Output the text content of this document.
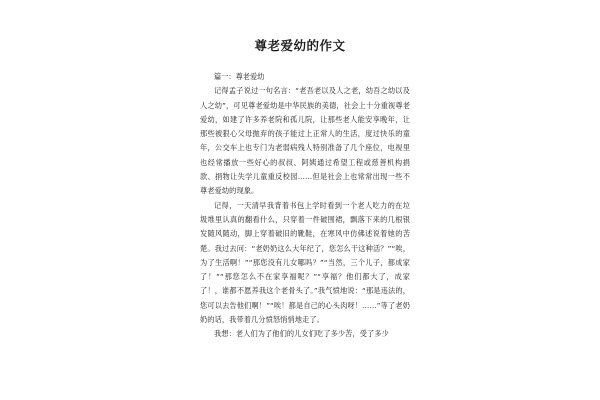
尊老爱幼的作文

篇一：尊老爱幼

记得孟子说过一句名言：“老吾老以及人之老，幼吾之幼以及人之幼”，可见尊老爱幼是中华民族的美德，社会上十分重视尊老爱幼，如建了许多养老院和孤儿院，让那些老人能安享晚年，让那些被狠心父母抛弃的孩子能过上正常人的生活，度过快乐的童年，公交车上也专门为老弱病残人特别准备了几个座位，电视里也经常播放一些好心的叔叔、阿姨通过希望工程或慈善机构捐款、捐物让失学儿童重反校园……但是社会上也常常出现一些不尊老爱幼的现象。

记得，一天清早我背着书包上学时看到一个老人吃力的在垃圾堆里认真的翻看什么，只穿着一件破围裙，飘落下来的几根银发随风随动，脚上穿着破旧的靴鞋，在寒风中仿佛述说着她的苦楚。我过去问：“老奶奶这么大年纪了，您怎么干这种活？”“唉，为了生活啊！”“那您没有儿女哪吗？”“当然，三个儿子，都成家了！”“那您怎么不在家享福呢？”“享福？他们都大了，成家了！，谁都不愿养我这个老骨头了。”我气愤地说：“那是违法的，您可以去告他们啊！”“唉！都是自己的心头肉呀！……”等了老奶奶的话，我带着几分愤怒悄悄地走了。

我想：老人们为了他们的儿女们吃了多少苦，受了多少
